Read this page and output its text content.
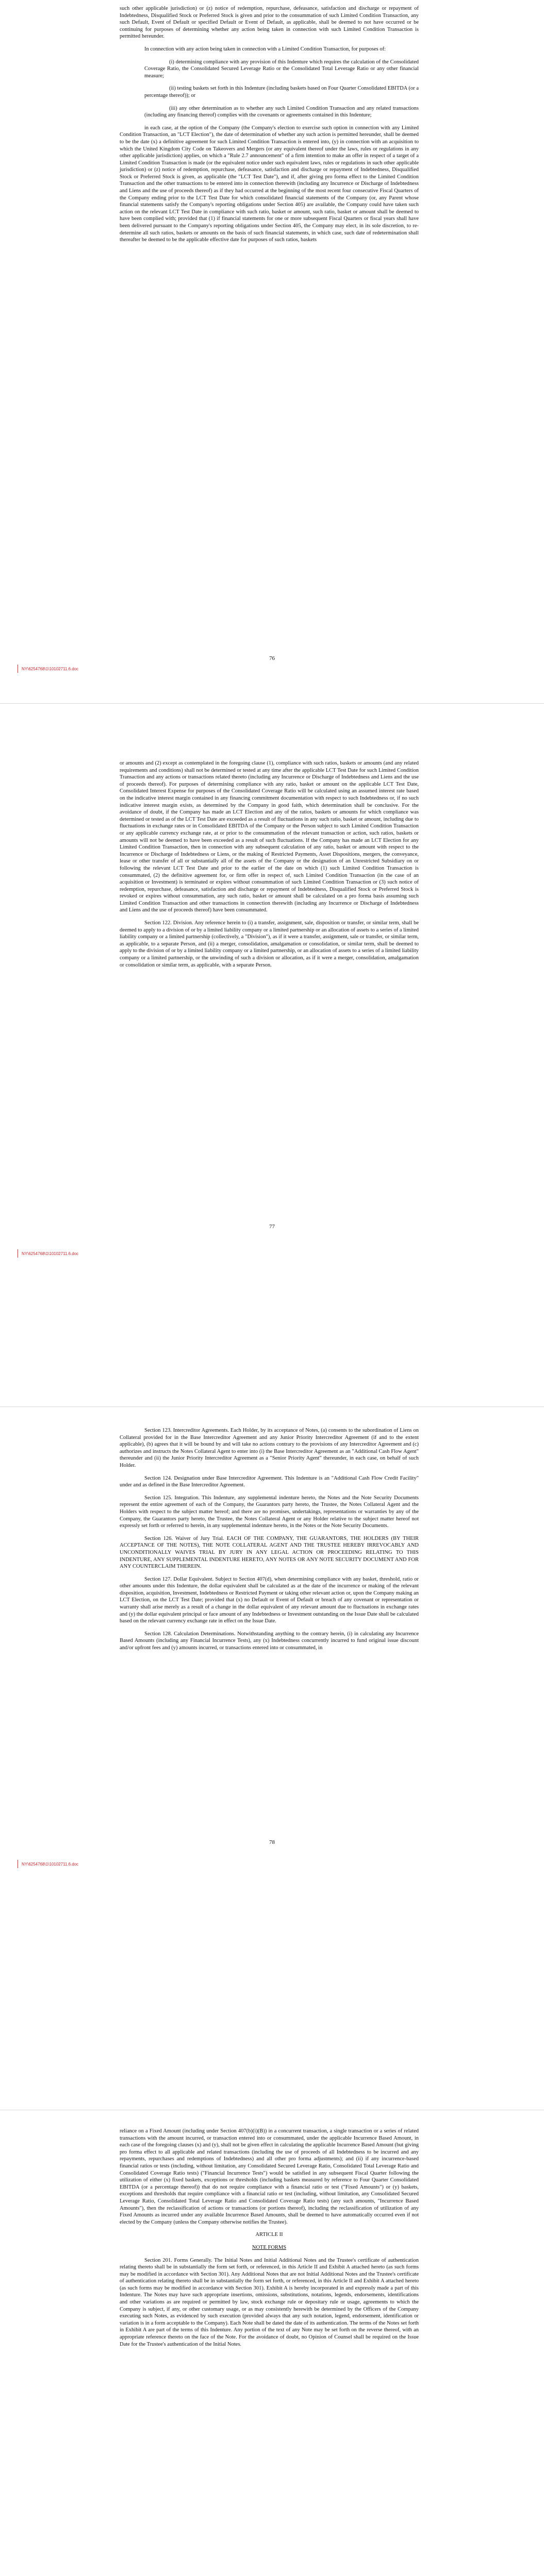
such other applicable jurisdiction) or (z) notice of redemption, repurchase, defeasance, satisfaction and discharge or repayment of Indebtedness, Disqualified Stock or Preferred Stock is given and prior to the consummation of such Limited Condition Transaction, any such Default, Event of Default or specified Default or Event of Default, as applicable, shall be deemed to not have occurred or be continuing for purposes of determining whether any action being taken in connection with such Limited Condition Transaction is permitted hereunder.

In connection with any action being taken in connection with a Limited Condition Transaction, for purposes of:

(i) determining compliance with any provision of this Indenture which requires the calculation of the Consolidated Coverage Ratio, the Consolidated Secured Leverage Ratio or the Consolidated Total Leverage Ratio or any other financial measure;

(ii) testing baskets set forth in this Indenture (including baskets based on Four Quarter Consolidated EBITDA (or a percentage thereof)); or

(iii) any other determination as to whether any such Limited Condition Transaction and any related transactions (including any financing thereof) complies with the covenants or agreements contained in this Indenture;

in each case, at the option of the Company (the Company's election to exercise such option in connection with any Limited Condition Transaction, an "LCT Election"), the date of determination of whether any such action is permitted hereunder, shall be deemed to be the date (x) a definitive agreement for such Limited Condition Transaction is entered into, (y) in connection with an acquisition to which the United Kingdom City Code on Takeovers and Mergers (or any equivalent thereof under the laws, rules or regulations in any other applicable jurisdiction) applies, on which a "Rule 2.7 announcement" of a firm intention to make an offer in respect of a target of a Limited Condition Transaction is made (or the equivalent notice under such equivalent laws, rules or regulations in such other applicable jurisdiction) or (z) notice of redemption, repurchase, defeasance, satisfaction and discharge or repayment of Indebtedness, Disqualified Stock or Preferred Stock is given, as applicable (the "LCT Test Date"), and if, after giving pro forma effect to the Limited Condition Transaction and the other transactions to be entered into in connection therewith (including any Incurrence or Discharge of Indebtedness and Liens and the use of proceeds thereof) as if they had occurred at the beginning of the most recent four consecutive Fiscal Quarters of the Company ending prior to the LCT Test Date for which consolidated financial statements of the Company (or, any Parent whose financial statements satisfy the Company's reporting obligations under Section 405) are available, the Company could have taken such action on the relevant LCT Test Date in compliance with such ratio, basket or amount, such ratio, basket or amount shall be deemed to have been complied with; provided that (1) if financial statements for one or more subsequent Fiscal Quarters or fiscal years shall have been delivered pursuant to the Company's reporting obligations under Section 405, the Company may elect, in its sole discretion, to re-determine all such ratios, baskets or amounts on the basis of such financial statements, in which case, such date of redetermination shall thereafter be deemed to be the applicable effective date for purposes of such ratios, baskets

76
NY\6254768\1\10102711.6.doc

or amounts and (2) except as contemplated in the foregoing clause (1), compliance with such ratios, baskets or amounts (and any related requirements and conditions) shall not be determined or tested at any time after the applicable LCT Test Date for such Limited Condition Transaction and any actions or transactions related thereto (including any Incurrence or Discharge of Indebtedness and Liens and the use of proceeds thereof). For purposes of determining compliance with any ratio, basket or amount on the applicable LCT Test Date, Consolidated Interest Expense for purposes of the Consolidated Coverage Ratio will be calculated using an assumed interest rate based on the indicative interest margin contained in any financing commitment documentation with respect to such Indebtedness or, if no such indicative interest margin exists, as determined by the Company in good faith, which determination shall be conclusive. For the avoidance of doubt, if the Company has made an LCT Election and any of the ratios, baskets or amounts for which compliance was determined or tested as of the LCT Test Date are exceeded as a result of fluctuations in any such ratio, basket or amount, including due to fluctuations in exchange rates or in Consolidated EBITDA of the Company or the Person subject to such Limited Condition Transaction or any applicable currency exchange rate, at or prior to the consummation of the relevant transaction or action, such ratios, baskets or amounts will not be deemed to have been exceeded as a result of such fluctuations. If the Company has made an LCT Election for any Limited Condition Transaction, then in connection with any subsequent calculation of any ratio, basket or amount with respect to the Incurrence or Discharge of Indebtedness or Liens, or the making of Restricted Payments, Asset Dispositions, mergers, the conveyance, lease or other transfer of all or substantially all of the assets of the Company or the designation of an Unrestricted Subsidiary on or following the relevant LCT Test Date and prior to the earlier of the date on which (1) such Limited Condition Transaction is consummated, (2) the definitive agreement for, or firm offer in respect of, such Limited Condition Transaction (in the case of an acquisition or Investment) is terminated or expires without consummation of such Limited Condition Transaction or (3) such notice of redemption, repurchase, defeasance, satisfaction and discharge or repayment of Indebtedness, Disqualified Stock or Preferred Stock is revoked or expires without consummation, any such ratio, basket or amount shall be calculated on a pro forma basis assuming such Limited Condition Transaction and other transactions in connection therewith (including any Incurrence or Discharge of Indebtedness and Liens and the use of proceeds thereof) have been consummated.

Section 122. Division. Any reference herein to (i) a transfer, assignment, sale, disposition or transfer, or similar term, shall be deemed to apply to a division of or by a limited liability company or a limited partnership or an allocation of assets to a series of a limited liability company or a limited partnership (collectively, a "Division"), as if it were a transfer, assignment, sale or transfer, or similar term, as applicable, to a separate Person, and (ii) a merger, consolidation, amalgamation or consolidation, or similar term, shall be deemed to apply to the division of or by a limited liability company or a limited partnership, or an allocation of assets to a series of a limited liability company or a limited partnership, or the unwinding of such a division or allocation, as if it were a merger, consolidation, amalgamation or consolidation or similar term, as applicable, with a separate Person.

77
NY\6254768\1\10102711.6.doc

Section 123. Intercreditor Agreements. Each Holder, by its acceptance of Notes, (a) consents to the subordination of Liens on Collateral provided for in the Base Intercreditor Agreement and any Junior Priority Intercreditor Agreement (if and to the extent applicable), (b) agrees that it will be bound by and will take no actions contrary to the provisions of any Intercreditor Agreement and (c) authorizes and instructs the Notes Collateral Agent to enter into (i) the Base Intercreditor Agreement as an "Additional Cash Flow Agent" thereunder and (ii) the Junior Priority Intercreditor Agreement as a "Senior Priority Agent" thereunder, in each case, on behalf of such Holder.

Section 124. Designation under Base Intercreditor Agreement. This Indenture is an "Additional Cash Flow Credit Facility" under and as defined in the Base Intercreditor Agreement.

Section 125. Integration. This Indenture, any supplemental indenture hereto, the Notes and the Note Security Documents represent the entire agreement of each of the Company, the Guarantors party hereto, the Trustee, the Notes Collateral Agent and the Holders with respect to the subject matter hereof; and there are no promises, undertakings, representations or warranties by any of the Company, the Guarantors party hereto, the Trustee, the Notes Collateral Agent or any Holder relative to the subject matter hereof not expressly set forth or referred to herein, in any supplemental indenture hereto, in the Notes or the Note Security Documents.

Section 126. Waiver of Jury Trial. EACH OF THE COMPANY, THE GUARANTORS, THE HOLDERS (BY THEIR ACCEPTANCE OF THE NOTES), THE NOTE COLLATERAL AGENT AND THE TRUSTEE HEREBY IRREVOCABLY AND UNCONDITIONALLY WAIVES TRIAL BY JURY IN ANY LEGAL ACTION OR PROCEEDING RELATING TO THIS INDENTURE, ANY SUPPLEMENTAL INDENTURE HERETO, ANY NOTES OR ANY NOTE SECURITY DOCUMENT AND FOR ANY COUNTERCLAIM THEREIN.

Section 127. Dollar Equivalent. Subject to Section 407(d), when determining compliance with any basket, threshold, ratio or other amounts under this Indenture, the dollar equivalent shall be calculated as at the date of the incurrence or making of the relevant disposition, acquisition, Investment, Indebtedness or Restricted Payment or taking other relevant action or, upon the Company making an LCT Election, on the LCT Test Date; provided that (x) no Default or Event of Default or breach of any covenant or representation or warranty shall arise merely as a result of a change in the dollar equivalent of any relevant amount due to fluctuations in exchange rates and (y) the dollar equivalent principal or face amount of any Indebtedness or Investment outstanding on the Issue Date shall be calculated based on the relevant currency exchange rate in effect on the Issue Date.

Section 128. Calculation Determinations. Notwithstanding anything to the contrary herein, (i) in calculating any Incurrence Based Amounts (including any Financial Incurrence Tests), any (x) Indebtedness concurrently incurred to fund original issue discount and/or upfront fees and (y) amounts incurred, or transactions entered into or consummated, in

78
NY\6254768\1\10102711.6.doc

reliance on a Fixed Amount (including under Section 407(b)(i)(B)) in a concurrent transaction, a single transaction or a series of related transactions with the amount incurred, or transaction entered into or consummated, under the applicable Incurrence Based Amount, in each case of the foregoing clauses (x) and (y), shall not be given effect in calculating the applicable Incurrence Based Amount (but giving pro forma effect to all applicable and related transactions (including the use of proceeds of all Indebtedness to be incurred and any repayments, repurchases and redemptions of Indebtedness) and all other pro forma adjustments); and (ii) if any incurrence-based financial ratios or tests (including, without limitation, any Consolidated Secured Leverage Ratio, Consolidated Total Leverage Ratio and Consolidated Coverage Ratio tests) ("Financial Incurrence Tests") would be satisfied in any subsequent Fiscal Quarter following the utilization of either (x) fixed baskets, exceptions or thresholds (including baskets measured by reference to Four Quarter Consolidated EBITDA (or a percentage thereof)) that do not require compliance with a financial ratio or test ("Fixed Amounts") or (y) baskets, exceptions and thresholds that require compliance with a financial ratio or test (including, without limitation, any Consolidated Secured Leverage Ratio, Consolidated Total Leverage Ratio and Consolidated Coverage Ratio tests) (any such amounts, "Incurrence Based Amounts"), then the reclassification of actions or transactions (or portions thereof), including the reclassification of utilization of any Fixed Amounts as incurred under any available Incurrence Based Amounts, shall be deemed to have automatically occurred even if not elected by the Company (unless the Company otherwise notifies the Trustee).

ARTICLE II

NOTE FORMS

Section 201. Forms Generally. The Initial Notes and Initial Additional Notes and the Trustee's certificate of authentication relating thereto shall be in substantially the form set forth, or referenced, in this Article II and Exhibit A attached hereto (as such forms may be modified in accordance with Section 301). Any Additional Notes that are not Initial Additional Notes and the Trustee's certificate of authentication relating thereto shall be in substantially the form set forth, or referenced, in this Article II and Exhibit A attached hereto (as such forms may be modified in accordance with Section 301). Exhibit A is hereby incorporated in and expressly made a part of this Indenture. The Notes may have such appropriate insertions, omissions, substitutions, notations, legends, endorsements, identifications and other variations as are required or permitted by law, stock exchange rule or depositary rule or usage, agreements to which the Company is subject, if any, or other customary usage, or as may consistently herewith be determined by the Officers of the Company executing such Notes, as evidenced by such execution (provided always that any such notation, legend, endorsement, identification or variation is in a form acceptable to the Company). Each Note shall be dated the date of its authentication. The terms of the Notes set forth in Exhibit A are part of the terms of this Indenture. Any portion of the text of any Note may be set forth on the reverse thereof, with an appropriate reference thereto on the face of the Note. For the avoidance of doubt, no Opinion of Counsel shall be required on the Issue Date for the Trustee's authentication of the Initial Notes.
